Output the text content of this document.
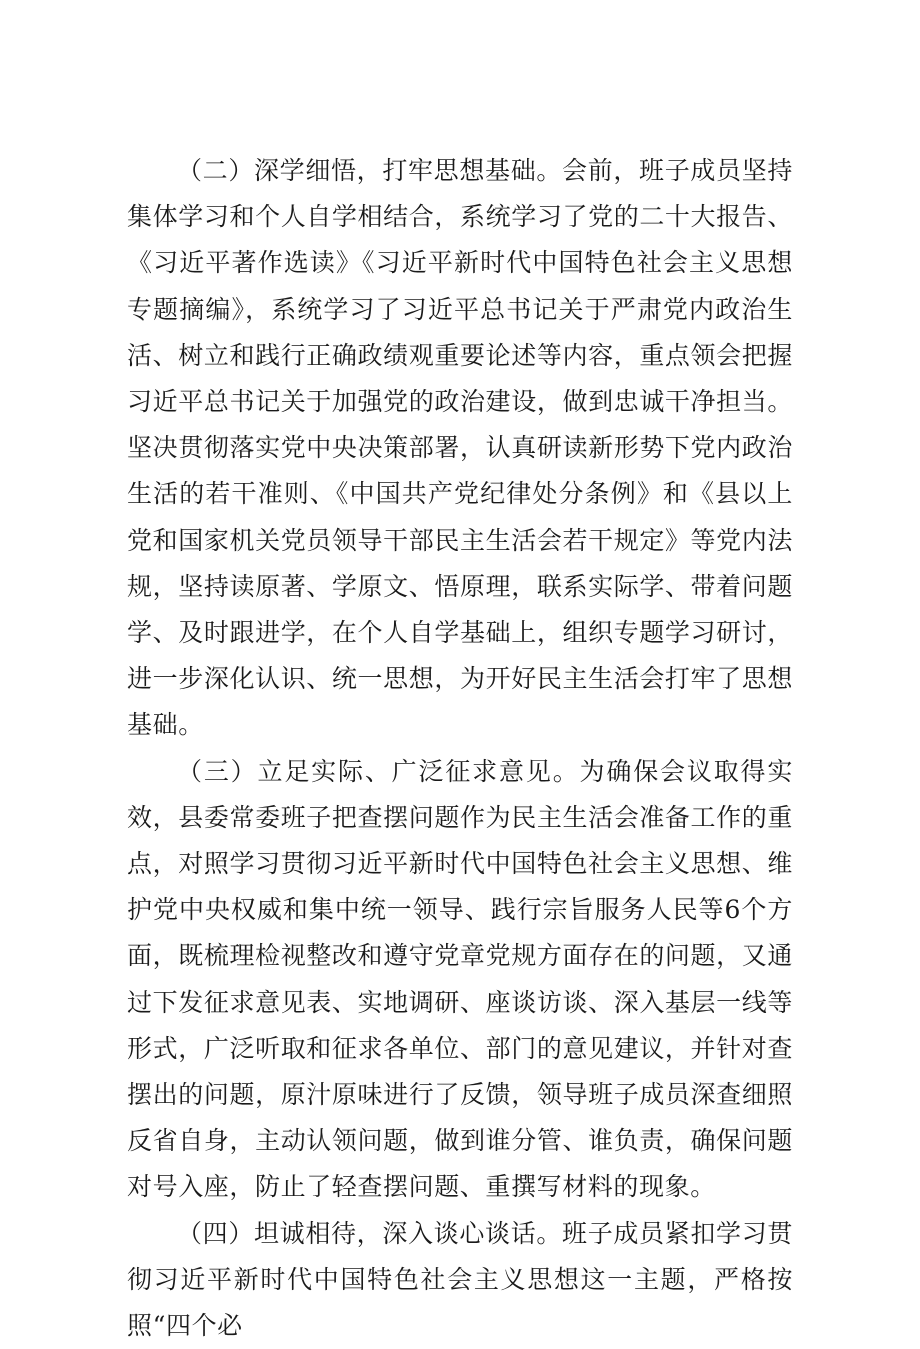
（二）深学细悟，打牢思想基础。会前，班子成员坚持集体学习和个人自学相结合，系统学习了党的二十大报告、《习近平著作选读》《习近平新时代中国特色社会主义思想专题摘编》，系统学习了习近平总书记关于严肃党内政治生活、树立和践行正确政绩观重要论述等内容，重点领会把握习近平总书记关于加强党的政治建设，做到忠诚干净担当。坚决贯彻落实党中央决策部署，认真研读新形势下党内政治生活的若干准则、《中国共产党纪律处分条例》和《县以上党和国家机关党员领导干部民主生活会若干规定》等党内法规，坚持读原著、学原文、悟原理，联系实际学、带着问题学、及时跟进学，在个人自学基础上，组织专题学习研讨，进一步深化认识、统一思想，为开好民主生活会打牢了思想基础。

（三）立足实际、广泛征求意见。为确保会议取得实效，县委常委班子把查摆问题作为民主生活会准备工作的重点，对照学习贯彻习近平新时代中国特色社会主义思想、维护党中央权威和集中统一领导、践行宗旨服务人民等6个方面，既梳理检视整改和遵守党章党规方面存在的问题，又通过下发征求意见表、实地调研、座谈访谈、深入基层一线等形式，广泛听取和征求各单位、部门的意见建议，并针对查摆出的问题，原汁原味进行了反馈，领导班子成员深查细照反省自身，主动认领问题，做到谁分管、谁负责，确保问题对号入座，防止了轻查摆问题、重撰写材料的现象。

（四）坦诚相待，深入谈心谈话。班子成员紧扣学习贯彻习近平新时代中国特色社会主义思想这一主题，严格按照“四个必
